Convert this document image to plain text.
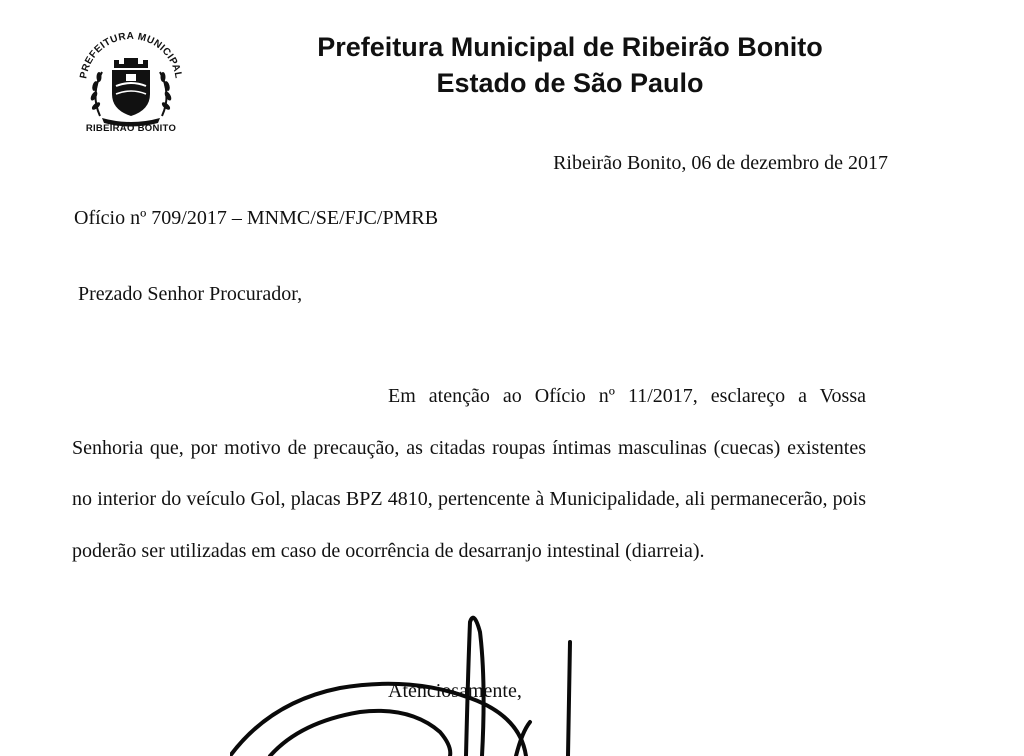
PREFEITURA MUNICIPAL
RIBEIRÃO BONITO
Prefeitura Municipal de Ribeirão Bonito
Estado de São Paulo
Ribeirão Bonito, 06 de dezembro de 2017
Ofício nº 709/2017 – MNMC/SE/FJC/PMRB
Prezado Senhor Procurador,
Em atenção ao Ofício nº 11/2017, esclareço a Vossa Senhoria que, por motivo de precaução, as citadas roupas íntimas masculinas (cuecas) existentes no interior do veículo Gol, placas BPZ 4810, pertencente à Municipalidade, ali permanecerão, pois poderão ser utilizadas em caso de ocorrência de desarranjo intestinal (diarreia).
Atenciosamente,
